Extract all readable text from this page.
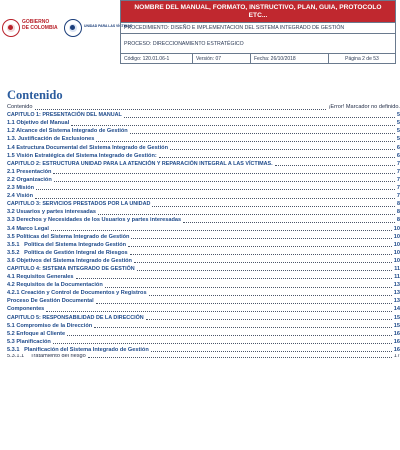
GOBIERNO
DE COLOMBIA	UNIDAD PARA LAS VÍCTIMAS
NOMBRE DEL MANUAL, FORMATO, INSTRUCTIVO, PLAN, GUIA, PROTOCOLO ETC...
PROCEDIMIENTO: DISEÑO E IMPLEMENTACION DEL SISTEMA INTEGRADO DE GESTIÓN
PROCESO: DIRECCIONAMIENTO ESTRATÉGICO
Código: 120.01.06-1	Versión: 07	Fecha: 26/10/2018	Página 2 de 53
Contenido
Contenido	¡Error! Marcador no definido.
CAPITULO 1: PRESENTACIÓN DEL MANUAL	5
1.1 Objetivo del Manual	5
1.2 Alcance del Sistema Integrado de Gestión	5
1.3. Justificación de Exclusiones	5
1.4 Estructura Documental del Sistema Integrado de Gestión	6
1.5 Visión Estratégica del Sistema Integrado de Gestión:	6
CAPITULO 2: ESTRUCTURA UNIDAD PARA LA ATENCIÓN Y REPARACIÓN INTEGRAL A LAS VÍCTIMAS.	7
2.1 Presentación	7
2.2 Organización	7
2.3 Misión	7
2.4 Visión	7
CAPITULO 3: SERVICIOS PRESTADOS POR LA UNIDAD	8
3.2 Usuarios y partes interesadas	8
3.3 Derechos y Necesidades de los Usuarios y partes interesadas	8
3.4 Marco Legal	10
3.5 Políticas del Sistema Integrado de Gestión	10
3.5.1   Política del Sistema Integrado Gestión	10
3.5.2   Política de Gestión Integral de Riesgos	10
3.6 Objetivos del Sistema Integrado de Gestión	10
CAPITULO 4: SISTEMA INTEGRADO DE GESTIÓN	11
4.1 Requisitos Generales	11
4.2 Requisitos de la Documentación	13
4.2.1 Creación y Control de Documentos y Registros	13
Proceso De Gestión Documental	13
Componentes	14
CAPITULO 5: RESPONSABILIDAD DE LA DIRECCIÓN	15
5.1 Compromiso de la Dirección	15
5.2 Enfoque al Cliente	16
5.3 Planificación	16
5.3.1   Planificación del Sistema Integrado de Gestión	16
5.3.1.1    Tratamiento del riesgo	17
